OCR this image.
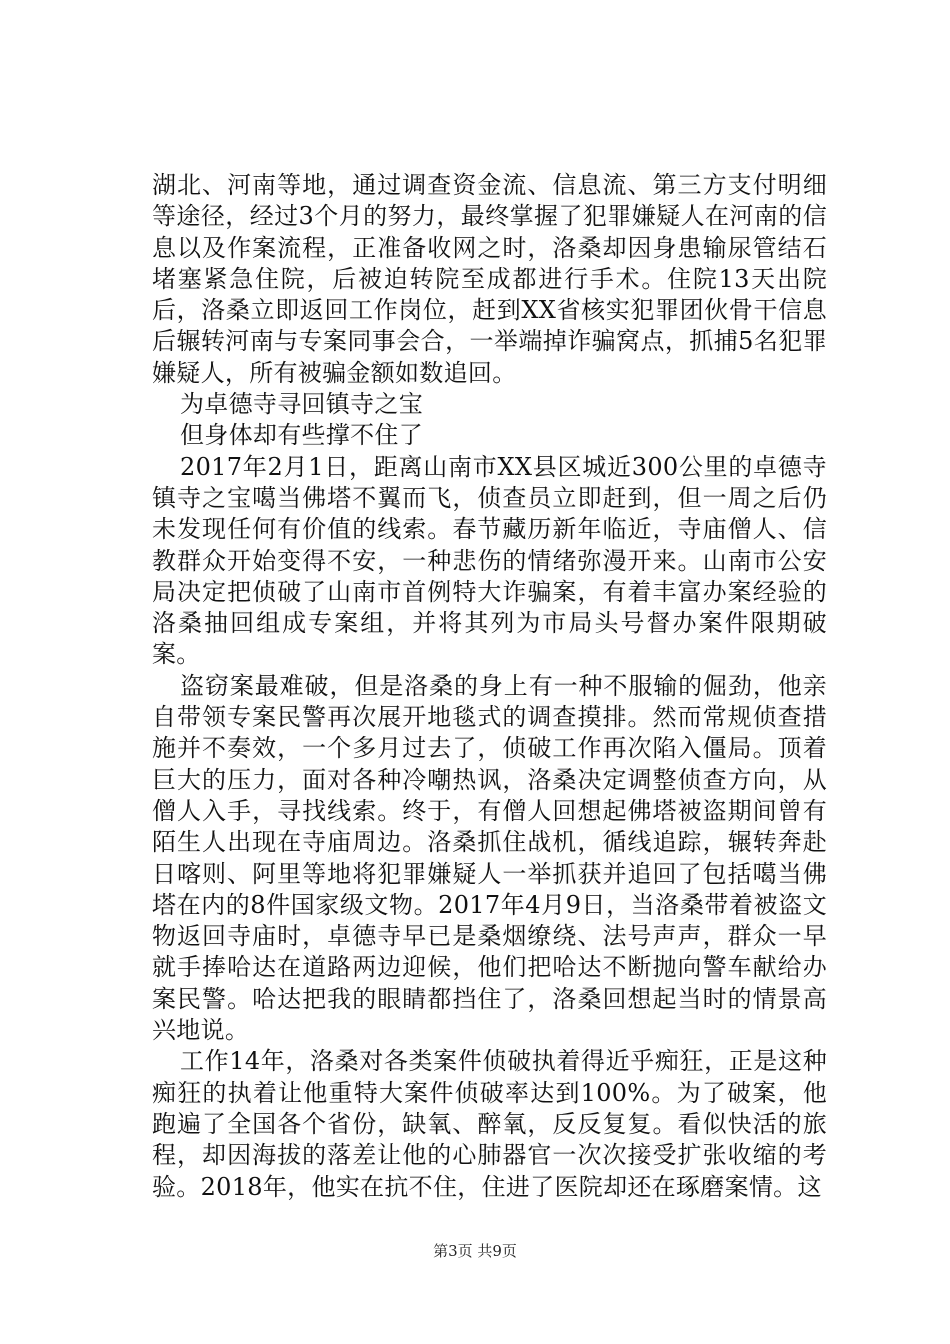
湖北、河南等地，通过调查资金流、信息流、第三方支付明细等途径，经过3个月的努力，最终掌握了犯罪嫌疑人在河南的信息以及作案流程，正准备收网之时，洛桑却因身患输尿管结石堵塞紧急住院，后被迫转院至成都进行手术。住院13天出院后，洛桑立即返回工作岗位，赶到XX省核实犯罪团伙骨干信息后辗转河南与专案同事会合，一举端掉诈骗窝点，抓捕5名犯罪嫌疑人，所有被骗金额如数追回。

为卓德寺寻回镇寺之宝

但身体却有些撑不住了

2017年2月1日，距离山南市XX县区城近300公里的卓德寺镇寺之宝噶当佛塔不翼而飞，侦查员立即赶到，但一周之后仍未发现任何有价值的线索。春节藏历新年临近，寺庙僧人、信教群众开始变得不安，一种悲伤的情绪弥漫开来。山南市公安局决定把侦破了山南市首例特大诈骗案，有着丰富办案经验的洛桑抽回组成专案组，并将其列为市局头号督办案件限期破案。

盗窃案最难破，但是洛桑的身上有一种不服输的倔劲，他亲自带领专案民警再次展开地毯式的调查摸排。然而常规侦查措施并不奏效，一个多月过去了，侦破工作再次陷入僵局。顶着巨大的压力，面对各种冷嘲热讽，洛桑决定调整侦查方向，从僧人入手，寻找线索。终于，有僧人回想起佛塔被盗期间曾有陌生人出现在寺庙周边。洛桑抓住战机，循线追踪，辗转奔赴日喀则、阿里等地将犯罪嫌疑人一举抓获并追回了包括噶当佛塔在内的8件国家级文物。2017年4月9日，当洛桑带着被盗文物返回寺庙时，卓德寺早已是桑烟缭绕、法号声声，群众一早就手捧哈达在道路两边迎候，他们把哈达不断抛向警车献给办案民警。哈达把我的眼睛都挡住了，洛桑回想起当时的情景高兴地说。

工作14年，洛桑对各类案件侦破执着得近乎痴狂，正是这种痴狂的执着让他重特大案件侦破率达到100%。为了破案，他跑遍了全国各个省份，缺氧、醉氧，反反复复。看似快活的旅程，却因海拔的落差让他的心肺器官一次次接受扩张收缩的考验。2018年，他实在抗不住，住进了医院却还在琢磨案情。这

第3页 共9页
